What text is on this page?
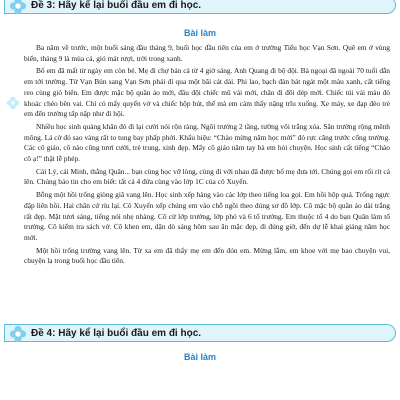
Đề 3: Hãy kể lại buổi đầu em đi học.
Bài làm

Ba năm về trước, một buổi sáng đầu tháng 9, buổi học đầu tiên của em ở trường Tiểu học Vạn Sơn. Quê em ở vùng biển, tháng 9 là mùa cá, gió mát rượi, trời trong xanh.

Bố em đã mất từ ngày em còn bé. Mẹ đi chợ bán cá từ 4 giờ sáng. Anh Quang đi bộ đội. Bà ngoại đã ngoài 70 tuổi dẫn em tới trường. Từ Vạn Bún sang Vạn Sơn phải đi qua một bãi cát dài. Phi lao, bạch đàn bát ngát một màu xanh, cất tiếng reo cùng gió biển. Em được mặc bộ quần áo mới, đầu đội chiếc mũ vải mới, chân đi đôi dép mới. Chiếc túi vải màu đỏ khoác chéo bên vai. Chỉ có mấy quyển vở và chiếc hộp bút, thế mà em cảm thấy nặng trĩu xuống. Xe máy, xe đạp đèo trẻ em đến trường tấp nập như đi hội.

Nhiều học sinh quàng khăn đỏ đi lại cười nói rộn ràng. Ngôi trường 2 tầng, tường vôi trắng xóa. Sân trường rộng mênh mông. Lá cờ đỏ sao vàng rất to tung bay phấp phới. Khẩu hiệu: “Chào mừng năm học mới” đỏ rực căng trước cổng trường. Các cô giáo, cô nào cũng tươi cười, trẻ trung, xinh đẹp. Mấy cô giáo năm tay bà em hỏi chuyện. Học sinh cất tiếng “Chào cô ạ!” thật lễ phép.

Cái Lý, cái Minh, thằng Quân... bạn cùng học vỡ lòng, cùng đi với nhau đã được bố mẹ đưa tới. Chúng gọi em rối rít cả lên. Chúng báo tin cho em biết: tất cả 4 đứa cùng vào lớp 1C của cô Xuyến.

Bỗng một hồi trống giòng giã vang lên. Học sinh xếp hàng vào các lớp theo tiếng loa gọi. Em hồi hộp quá. Trống ngực đập liên hồi. Hai chân cứ ríu lại. Cô Xuyến xếp chúng em vào chỗ ngồi theo đúng sơ đồ lớp. Cô mặc bộ quần áo dài trắng rất đẹp. Mặt tươi sáng, tiếng nói nhẹ nhàng. Cô cử lớp trưởng, lớp phó và 6 tổ trưởng. Em thuộc tổ 4 do bạn Quân làm tổ trưởng. Cô kiểm tra sách vở. Cô khen em, dặn dò sáng hôm sau ăn mặc đẹp, đi đúng giờ, đến dự lễ khai giảng năm học mới.

Một hồi trống trường vang lên. Từ xa em đã thấy mẹ em đến đón em. Mừng lắm, em khoe với mẹ bao chuyện vui, chuyện lạ trong buổi học đầu tiên.

Đề 4: Hãy kể lại buổi đầu em đi học.
Bài làm
